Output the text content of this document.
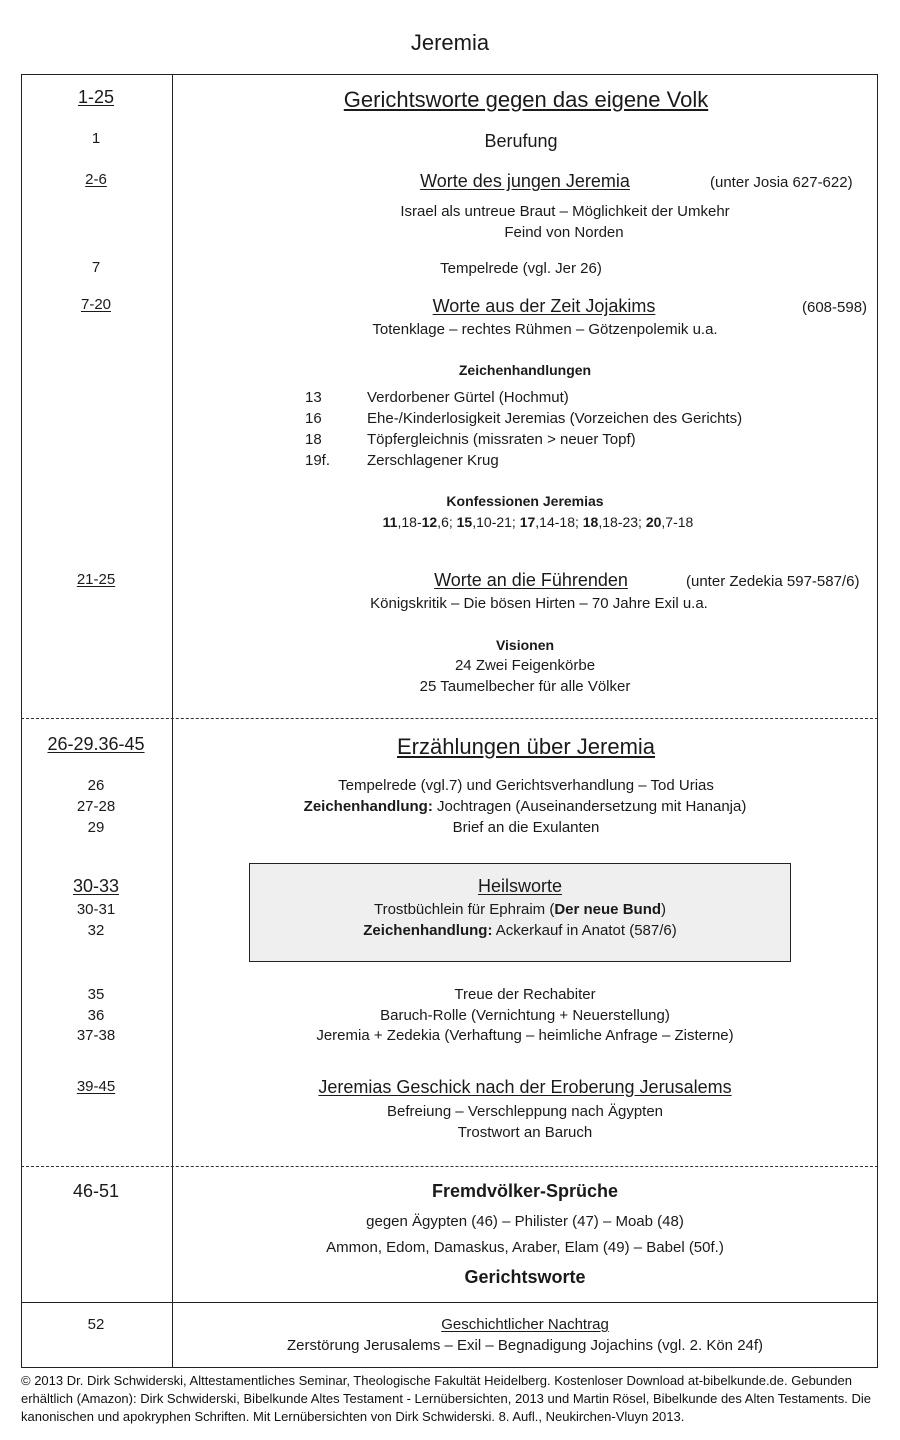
Jeremia
1-25	Gerichtsworte gegen das eigene Volk
1	Berufung
2-6	Worte des jungen Jeremia	(unter Josia 627-622)
Israel als untreue Braut – Möglichkeit der Umkehr
Feind von Norden
7	Tempelrede (vgl. Jer 26)
7-20	Worte aus der Zeit Jojakims	(608-598)
Totenklage – rechtes Rühmen – Götzenpolemik u.a.
Zeichenhandlungen
13	Verdorbener Gürtel (Hochmut)
16	Ehe-/Kinderlosigkeit Jeremias (Vorzeichen des Gerichts)
18	Töpfergleichnis (missraten > neuer Topf)
19f. Zerschlagener Krug
Konfessionen Jeremias
11,18-12,6; 15,10-21; 17,14-18; 18,18-23; 20,7-18
21-25	Worte an die Führenden	(unter Zedekia 597-587/6)
Königskritik – Die bösen Hirten – 70 Jahre Exil u.a.
Visionen
24 Zwei Feigenkörbe
25 Taumelbecher für alle Völker
26-29.36-45	Erzählungen über Jeremia
26	Tempelrede (vgl.7) und Gerichtsverhandlung – Tod Urias
27-28	Zeichenhandlung: Jochtragen (Auseinandersetzung mit Hananja)
29	Brief an die Exulanten
30-33	Heilsworte
30-31	Trostbüchlein für Ephraim (Der neue Bund)
32	Zeichenhandlung: Ackerkauf in Anatot (587/6)
35	Treue der Rechabiter
36	Baruch-Rolle (Vernichtung + Neuerstellung)
37-38	Jeremia + Zedekia (Verhaftung – heimliche Anfrage – Zisterne)
39-45	Jeremias Geschick nach der Eroberung Jerusalems
Befreiung – Verschleppung nach Ägypten
Trostwort an Baruch
46-51	Fremdvölker-Sprüche
gegen Ägypten (46) – Philister (47) – Moab (48)
Ammon, Edom, Damaskus, Araber, Elam (49) – Babel (50f.)
Gerichtsworte
52	Geschichtlicher Nachtrag
Zerstörung Jerusalems – Exil – Begnadigung Jojachins (vgl. 2. Kön 24f)
© 2013 Dr. Dirk Schwiderski, Alttestamentliches Seminar, Theologische Fakultät Heidelberg. Kostenloser Download at-bibelkunde.de. Gebunden erhältlich (Amazon): Dirk Schwiderski, Bibelkunde Altes Testament - Lernübersichten, 2013 und Martin Rösel, Bibelkunde des Alten Testaments. Die kanonischen und apokryphen Schriften. Mit Lernübersichten von Dirk Schwiderski. 8. Aufl., Neukirchen-Vluyn 2013.
